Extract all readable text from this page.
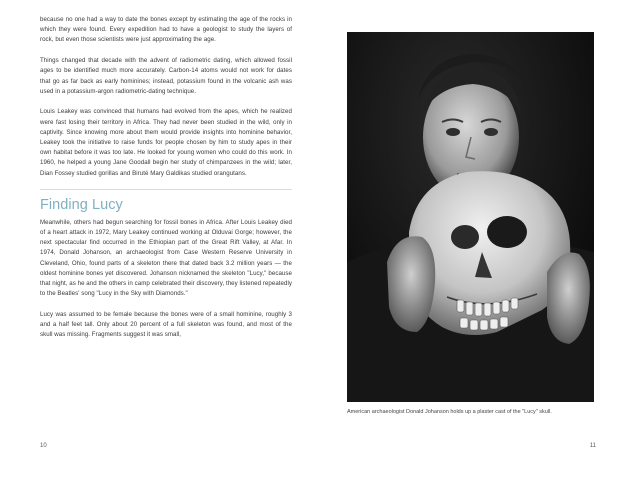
because no one had a way to date the bones except by estimating the age of the rocks in which they were found. Every expedition had to have a geologist to study the layers of rock, but even those scientists were just approximating the age.

Things changed that decade with the advent of radiometric dating, which allowed fossil ages to be identified much more accurately. Carbon-14 atoms would not work for dates that go as far back as early hominines; instead, potassium found in the volcanic ash was used in a potassium-argon radiometric-dating technique.

Louis Leakey was convinced that humans had evolved from the apes, which he realized were fast losing their territory in Africa. They had never been studied in the wild, only in captivity. Since knowing more about them would provide insights into hominine behavior, Leakey took the initiative to raise funds for people chosen by him to study apes in their own habitat before it was too late. He looked for young women who could do this work. In 1960, he helped a young Jane Goodall begin her study of chimpanzees in the wild; later, Dian Fossey studied gorillas and Biruté Mary Galdikas studied orangutans.

Finding Lucy

Meanwhile, others had begun searching for fossil bones in Africa. After Louis Leakey died of a heart attack in 1972, Mary Leakey continued working at Olduvai Gorge; however, the next spectacular find occurred in the Ethiopian part of the Great Rift Valley, at Afar. In 1974, Donald Johanson, an archaeologist from Case Western Reserve University in Cleveland, Ohio, found parts of a skeleton there that dated back 3.2 million years — the oldest hominine bones yet discovered. Johanson nicknamed the skeleton "Lucy," because that night, as he and the others in camp celebrated their discovery, they listened repeatedly to the Beatles' song "Lucy in the Sky with Diamonds."

Lucy was assumed to be female because the bones were of a small hominine, roughly 3 and a half feet tall. Only about 20 percent of a full skeleton was found, and most of the skull was missing. Fragments suggest it was small,

10
American archaeologist Donald Johanson holds up a plaster cast of the "Lucy" skull.
11
